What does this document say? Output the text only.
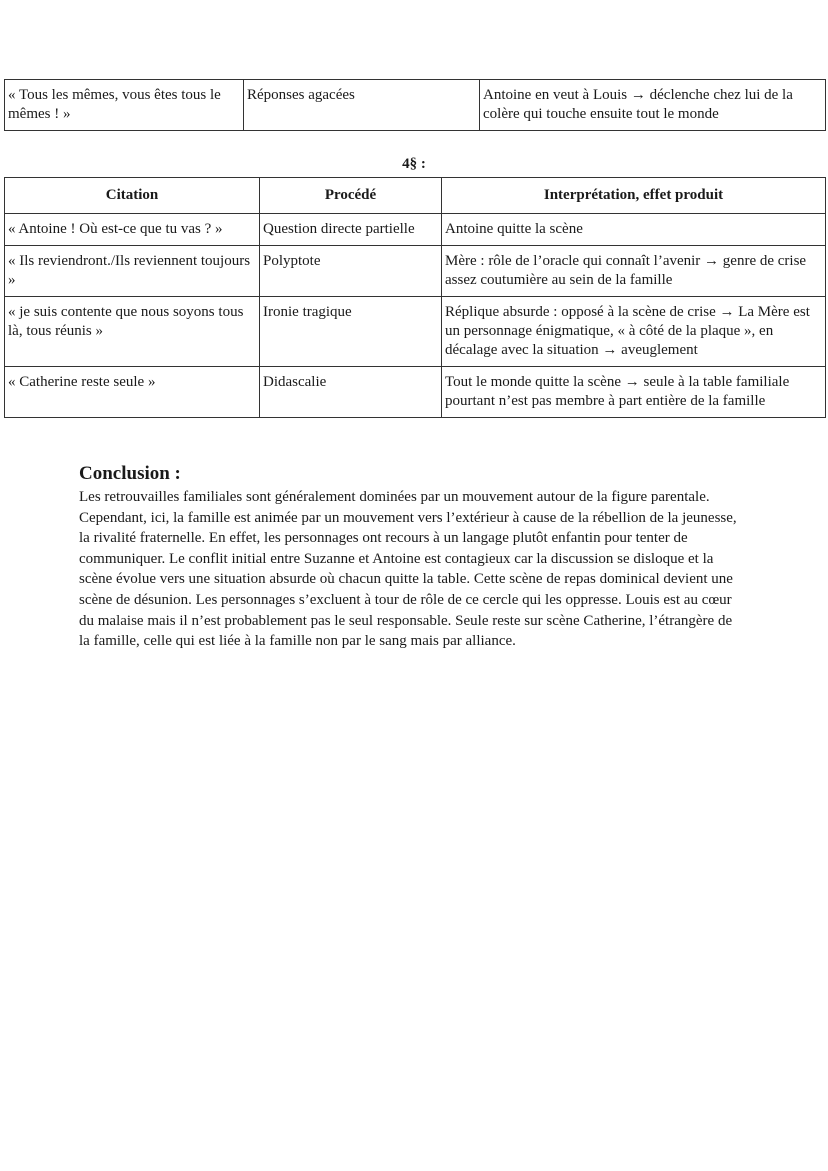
« Tous les mêmes, vous êtes tous le mêmes ! »	Réponses agacées	Antoine en veut à Louis → déclenche chez lui de la colère qui touche ensuite tout le monde
4§ :
Citation	Procédé	Interprétation, effet produit
« Antoine ! Où est-ce que tu vas ? »	Question directe partielle	Antoine quitte la scène
« Ils reviendront./Ils reviennent toujours »	Polyptote	Mère : rôle de l’oracle qui connaît l’avenir → genre de crise assez coutumière au sein de la famille
« je suis contente que nous soyons tous là, tous réunis »	Ironie tragique	Réplique absurde : opposé à la scène de crise → La Mère est un personnage énigmatique, « à côté de la plaque », en décalage avec la situation → aveuglement
« Catherine reste seule »	Didascalie	Tout le monde quitte la scène → seule à la table familiale pourtant n’est pas membre à part entière de la famille
Conclusion :

Les retrouvailles familiales sont généralement dominées par un mouvement autour de la figure parentale. Cependant, ici, la famille est animée par un mouvement vers l’extérieur à cause de la rébellion de la jeunesse, la rivalité fraternelle. En effet, les personnages ont recours à un langage plutôt enfantin pour tenter de communiquer. Le conflit initial entre Suzanne et Antoine est contagieux car la discussion se disloque et la scène évolue vers une situation absurde où chacun quitte la table. Cette scène de repas dominical devient une scène de désunion. Les personnages s’excluent à tour de rôle de ce cercle qui les oppresse. Louis est au cœur du malaise mais il n’est probablement pas le seul responsable. Seule reste sur scène Catherine, l’étrangère de la famille, celle qui est liée à la famille non par le sang mais par alliance.
